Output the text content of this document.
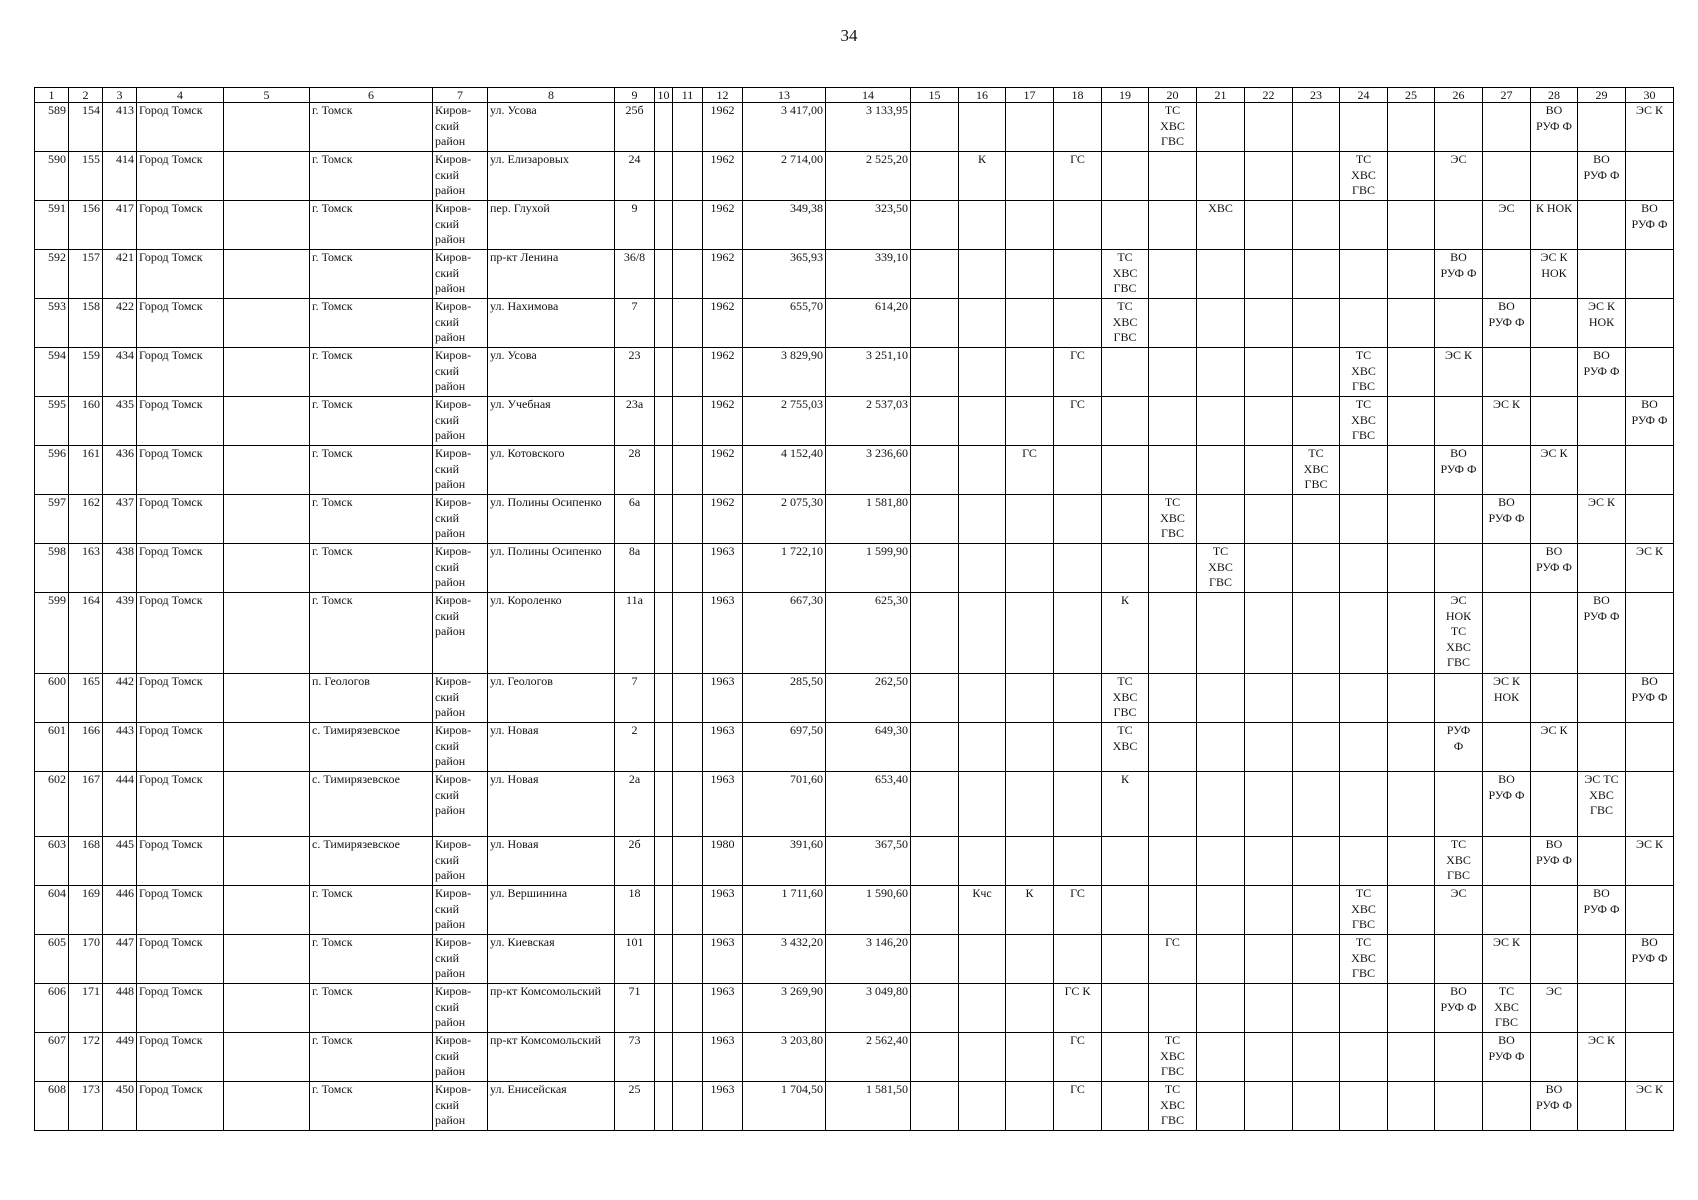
34
1	2	3	4	5	6	7	8	9	10	11	12	13	14	15	16	17	18	19	20	21	22	23	24	25	26	27	28	29	30
589	154	413	Город Томск		г. Томск	Киров-
ский
район	ул. Усова	25б			1962	3 417,00	3 133,95						ТС
ХВС
ГВС								ВО
РУФ Ф		ЭС К
590	155	414	Город Томск		г. Томск	Киров-
ский
район	ул. Елизаровых	24			1962	2 714,00	2 525,20		К		ГС						ТС
ХВС
ГВС		ЭС			ВО
РУФ Ф	
591	156	417	Город Томск		г. Томск	Киров-
ский
район	пер. Глухой	9			1962	349,38	323,50							ХВС						ЭС	К НОК		ВО
РУФ Ф
592	157	421	Город Томск		г. Томск	Киров-
ский
район	пр-кт Ленина	36/8			1962	365,93	339,10					ТС
ХВС
ГВС							ВО
РУФ Ф		ЭС К
НОК		
593	158	422	Город Томск		г. Томск	Киров-
ский
район	ул. Нахимова	7			1962	655,70	614,20					ТС
ХВС
ГВС								ВО
РУФ Ф		ЭС К
НОК	
594	159	434	Город Томск		г. Томск	Киров-
ский
район	ул. Усова	23			1962	3 829,90	3 251,10				ГС						ТС
ХВС
ГВС		ЭС К			ВО
РУФ Ф	
595	160	435	Город Томск		г. Томск	Киров-
ский
район	ул. Учебная	23а			1962	2 755,03	2 537,03				ГС						ТС
ХВС
ГВС			ЭС К			ВО
РУФ Ф
596	161	436	Город Томск		г. Томск	Киров-
ский
район	ул. Котовского	28			1962	4 152,40	3 236,60			ГС						ТС
ХВС
ГВС			ВО
РУФ Ф		ЭС К		
597	162	437	Город Томск		г. Томск	Киров-
ский
район	ул. Полины Осипенко	6а			1962	2 075,30	1 581,80						ТС
ХВС
ГВС							ВО
РУФ Ф		ЭС К	
598	163	438	Город Томск		г. Томск	Киров-
ский
район	ул. Полины Осипенко	8а			1963	1 722,10	1 599,90							ТС
ХВС
ГВС							ВО
РУФ Ф		ЭС К
599	164	439	Город Томск		г. Томск	Киров-
ский
район	ул. Короленко	11а			1963	667,30	625,30					К							ЭС
НОК
ТС
ХВС
ГВС			ВО
РУФ Ф	
600	165	442	Город Томск		п. Геологов	Киров-
ский
район	ул. Геологов	7			1963	285,50	262,50					ТС
ХВС
ГВС								ЭС К
НОК			ВО
РУФ Ф
601	166	443	Город Томск		с. Тимирязевское	Киров-
ский
район	ул. Новая	2			1963	697,50	649,30					ТС
ХВС							РУФ
Ф		ЭС К		
602	167	444	Город Томск		с. Тимирязевское	Киров-
ский
район	ул. Новая	2а			1963	701,60	653,40					К								ВО
РУФ Ф		ЭС ТС
ХВС
ГВС	
603	168	445	Город Томск		с. Тимирязевское	Киров-
ский
район	ул. Новая	2б			1980	391,60	367,50												ТС
ХВС
ГВС		ВО
РУФ Ф		ЭС К
604	169	446	Город Томск		г. Томск	Киров-
ский
район	ул. Вершинина	18			1963	1 711,60	1 590,60		Кчс	К	ГС						ТС
ХВС
ГВС		ЭС			ВО
РУФ Ф	
605	170	447	Город Томск		г. Томск	Киров-
ский
район	ул. Киевская	101			1963	3 432,20	3 146,20						ГС				ТС
ХВС
ГВС			ЭС К			ВО
РУФ Ф
606	171	448	Город Томск		г. Томск	Киров-
ский
район	пр-кт Комсомольский	71			1963	3 269,90	3 049,80				ГС К								ВО
РУФ Ф	ТС
ХВС
ГВС	ЭС		
607	172	449	Город Томск		г. Томск	Киров-
ский
район	пр-кт Комсомольский	73			1963	3 203,80	2 562,40				ГС		ТС
ХВС
ГВС							ВО
РУФ Ф		ЭС К	
608	173	450	Город Томск		г. Томск	Киров-
ский
район	ул. Енисейская	25			1963	1 704,50	1 581,50				ГС		ТС
ХВС
ГВС								ВО
РУФ Ф		ЭС К
